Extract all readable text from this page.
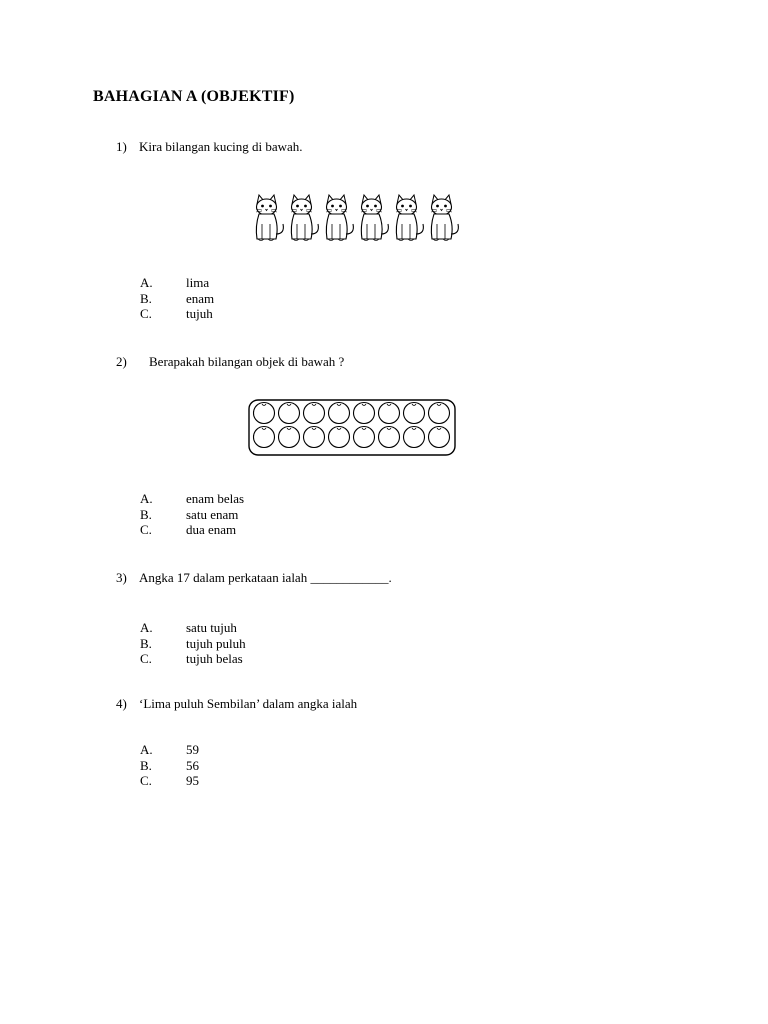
BAHAGIAN A (OBJEKTIF)
1) Kira bilangan kucing di bawah.
A.	lima
B.	enam
C.	tujuh
2) Berapakah bilangan objek di bawah ?
A.	enam belas
B.	satu enam
C.	dua enam
3) Angka 17 dalam perkataan ialah ____________.
A.	satu tujuh
B.	tujuh puluh
C.	tujuh belas
4) ‘Lima puluh Sembilan’ dalam angka ialah
A.	59
B.	56
C.	95
